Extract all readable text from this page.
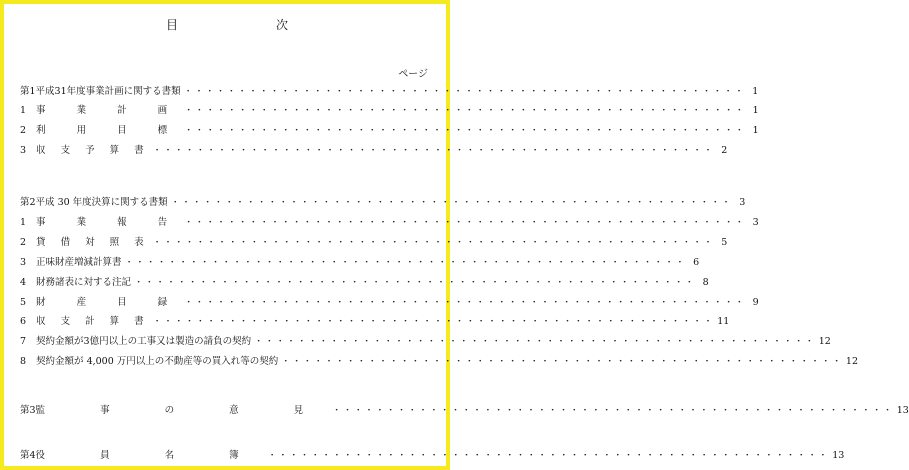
目	次
ページ
第1 平成31年度事業計画に関する書類 ・・・・・・・・・・・・・・・・・・・・・・・・・・・・・・・・・・・・・・・・・・・・・・・・・・・・ 1
1	事 業 計 画 ・・・・・・・・・・・・・・・・・・・・・・・・・・・・・・・・・・・・・・・・・・・・・・・・・・・・ 1
2	利 用 目 標 ・・・・・・・・・・・・・・・・・・・・・・・・・・・・・・・・・・・・・・・・・・・・・・・・・・・・ 1
3	収 支 予 算 書 ・・・・・・・・・・・・・・・・・・・・・・・・・・・・・・・・・・・・・・・・・・・・・・・・・・・・ 2
第2 平成 30 年度決算に関する書類 ・・・・・・・・・・・・・・・・・・・・・・・・・・・・・・・・・・・・・・・・・・・・・・・・・・・・ 3
1	事 業 報 告 ・・・・・・・・・・・・・・・・・・・・・・・・・・・・・・・・・・・・・・・・・・・・・・・・・・・・ 3
2	貸 借 対 照 表 ・・・・・・・・・・・・・・・・・・・・・・・・・・・・・・・・・・・・・・・・・・・・・・・・・・・・ 5
3	正味財産増減計算書 ・・・・・・・・・・・・・・・・・・・・・・・・・・・・・・・・・・・・・・・・・・・・・・・・・・・・ 6
4	財務諸表に対する注記 ・・・・・・・・・・・・・・・・・・・・・・・・・・・・・・・・・・・・・・・・・・・・・・・・・・・・ 8
5	財 産 目 録 ・・・・・・・・・・・・・・・・・・・・・・・・・・・・・・・・・・・・・・・・・・・・・・・・・・・・ 9
6	収 支 計 算 書 ・・・・・・・・・・・・・・・・・・・・・・・・・・・・・・・・・・・・・・・・・・・・・・・・・・・・ 11
7	契約金額が3億円以上の工事又は製造の請負の契約 ・・・・・・・・・・・・・・・・・・・・・・・・・・・・・・・・・・・・・・・・・・・・・・・・・・・・ 12
8	契約金額が 4,000 万円以上の不動産等の買入れ等の契約 ・・・・・・・・・・・・・・・・・・・・・・・・・・・・・・・・・・・・・・・・・・・・・・・・・・・・ 12
第3 監 事 の 意 見 ・・・・・・・・・・・・・・・・・・・・・・・・・・・・・・・・・・・・・・・・・・・・・・・・・・・・ 13
第4 役 員 名 簿 ・・・・・・・・・・・・・・・・・・・・・・・・・・・・・・・・・・・・・・・・・・・・・・・・・・・・ 13
